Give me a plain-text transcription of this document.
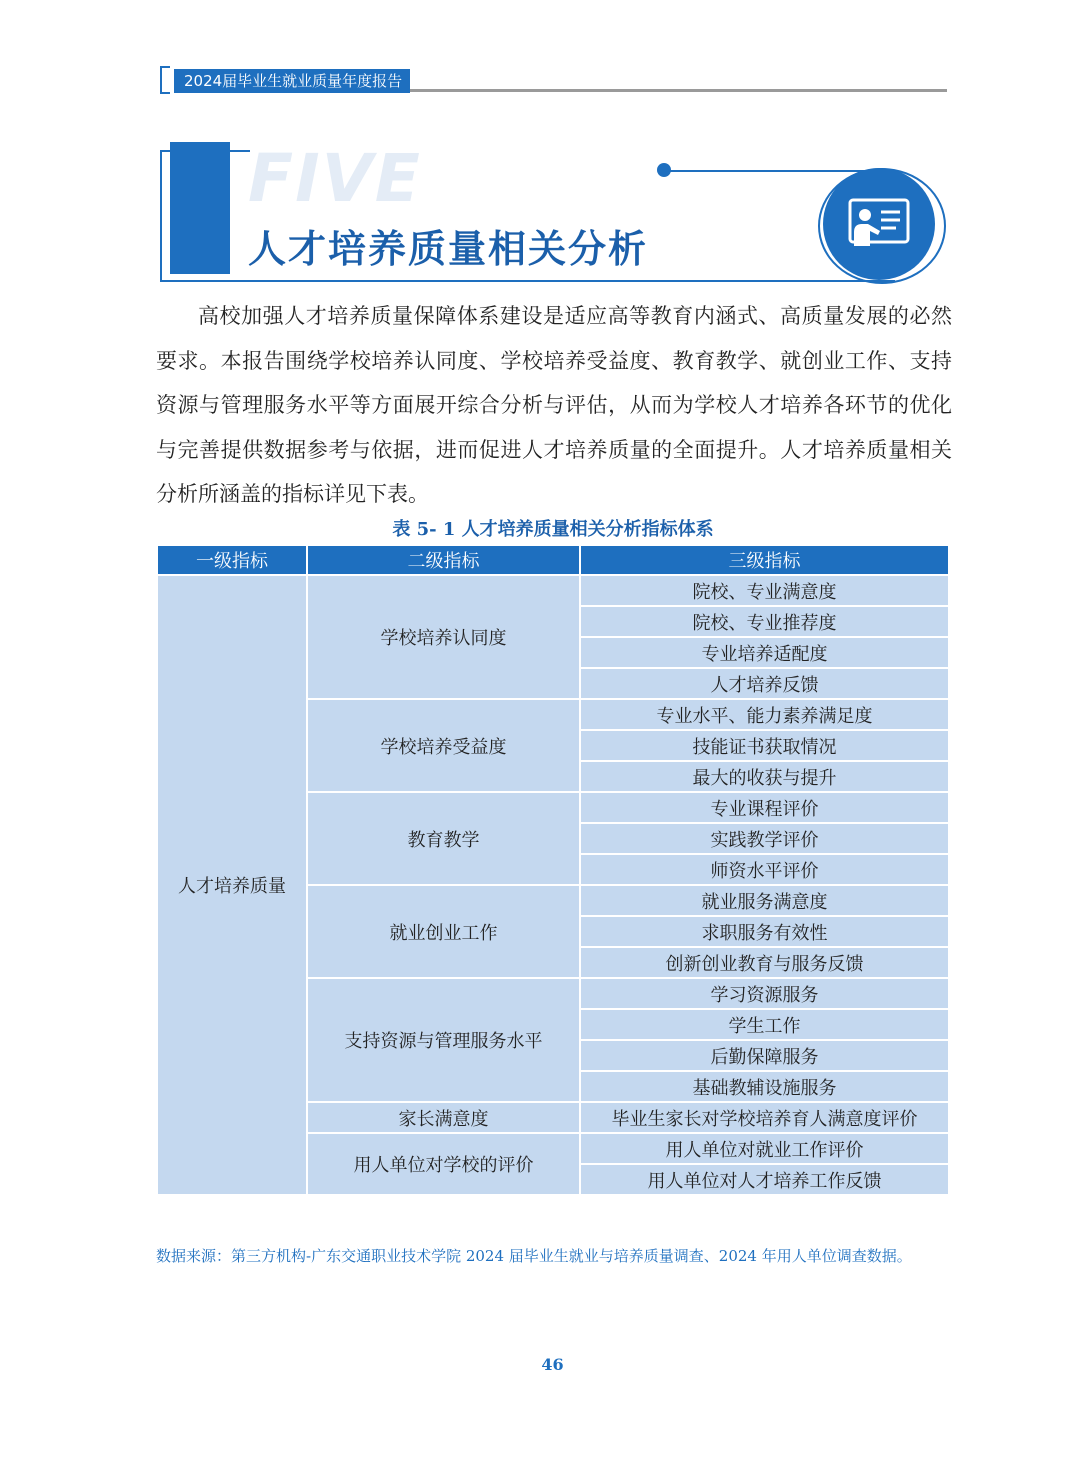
2024届毕业生就业质量年度报告
FIVE
人才培养质量相关分析

高校加强人才培养质量保障体系建设是适应高等教育内涵式、高质量发展的必然要求。本报告围绕学校培养认同度、学校培养受益度、教育教学、就创业工作、支持资源与管理服务水平等方面展开综合分析与评估，从而为学校人才培养各环节的优化与完善提供数据参考与依据，进而促进人才培养质量的全面提升。人才培养质量相关分析所涵盖的指标详见下表。

表 5- 1 人才培养质量相关分析指标体系
一级指标	二级指标	三级指标
人才培养质量	学校培养认同度	院校、专业满意度
		院校、专业推荐度
		专业培养适配度
		人才培养反馈
	学校培养受益度	专业水平、能力素养满足度
		技能证书获取情况
		最大的收获与提升
	教育教学	专业课程评价
		实践教学评价
		师资水平评价
	就业创业工作	就业服务满意度
		求职服务有效性
		创新创业教育与服务反馈
	支持资源与管理服务水平	学习资源服务
		学生工作
		后勤保障服务
		基础教辅设施服务
	家长满意度	毕业生家长对学校培养育人满意度评价
	用人单位对学校的评价	用人单位对就业工作评价
		用人单位对人才培养工作反馈

数据来源：第三方机构-广东交通职业技术学院 2024 届毕业生就业与培养质量调查、2024 年用人单位调查数据。

46
